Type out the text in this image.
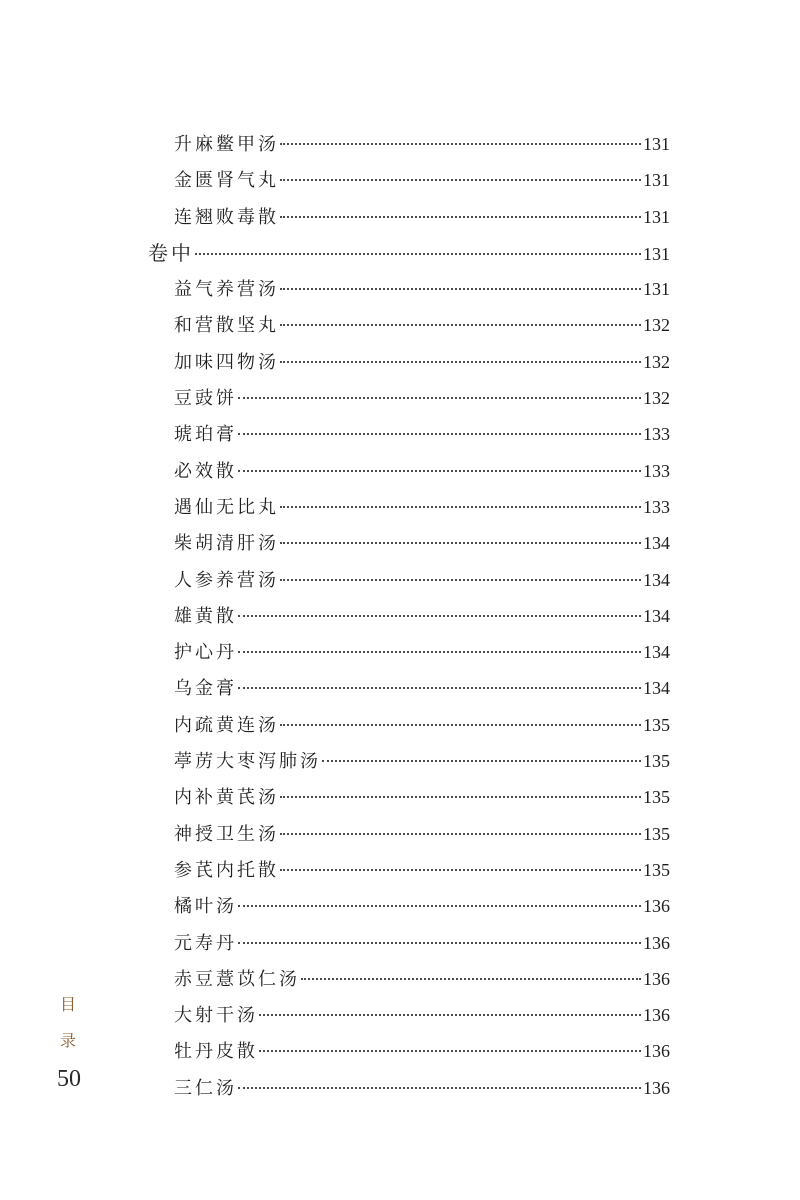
升麻鳖甲汤	131
金匮肾气丸	131
连翘败毒散	131
卷中	131
益气养营汤	131
和营散坚丸	132
加味四物汤	132
豆豉饼	132
琥珀膏	133
必效散	133
遇仙无比丸	133
柴胡清肝汤	134
人参养营汤	134
雄黄散	134
护心丹	134
乌金膏	134
内疏黄连汤	135
葶苈大枣泻肺汤	135
内补黄芪汤	135
神授卫生汤	135
参芪内托散	135
橘叶汤	136
元寿丹	136
赤豆薏苡仁汤	136
大射干汤	136
牡丹皮散	136
三仁汤	136
目
录
50
